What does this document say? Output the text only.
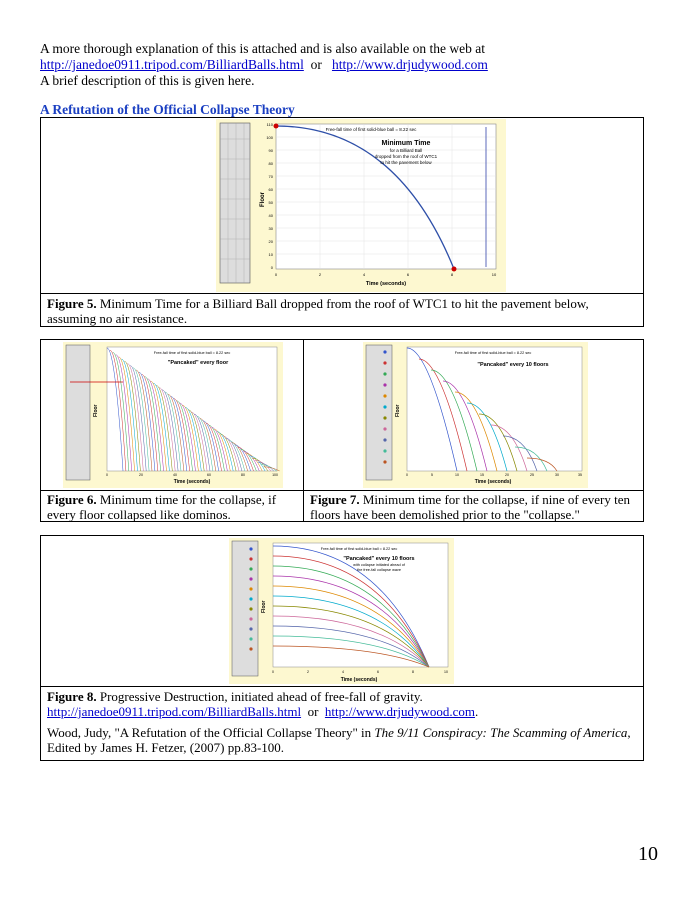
A more thorough explanation of this is attached and is also available on the web at
http://janedoe0911.tripod.com/BilliardBalls.html or http://www.drjudywood.com
A brief description of this is given here.
A Refutation of the Official Collapse Theory
Free-fall time of first solid-blue ball = 8.22 sec
Minimum Time
for a Billiard Ball
dropped from the roof of WTC1
to hit the pavement below
Floor
Time (seconds)
110
100
90
80
70
60
50
40
30
20
10
0
0	2	4	6	8	10
Figure 5. Minimum Time for a Billiard Ball dropped from the roof of WTC1 to hit the pavement below, assuming no air resistance.
Free-fall time of first solid-blue ball = 8.22 sec
"Pancaked" every floor
Floor
Time (seconds)
0	20	40	60	80	100
Free-fall time of first solid-blue ball = 8.22 sec
"Pancaked" every 10 floors
Floor
Time (seconds)
0	5	10	15	20	25	30	35
Figure 6. Minimum time for the collapse, if every floor collapsed like dominos.
Figure 7. Minimum time for the collapse, if nine of every ten floors have been demolished prior to the "collapse."
Free-fall time of first solid-blue ball = 8.22 sec
"Pancaked" every 10 floors
with collapse initiated ahead of
the free-fall collapse wave
Floor
Time (seconds)
0	2	4	6	8	10
Figure 8. Progressive Destruction, initiated ahead of free-fall of gravity.
http://janedoe0911.tripod.com/BilliardBalls.html or http://www.drjudywood.com.
Wood, Judy, "A Refutation of the Official Collapse Theory" in The 9/11 Conspiracy: The Scamming of America, Edited by James H. Fetzer, (2007) pp.83-100.
10
